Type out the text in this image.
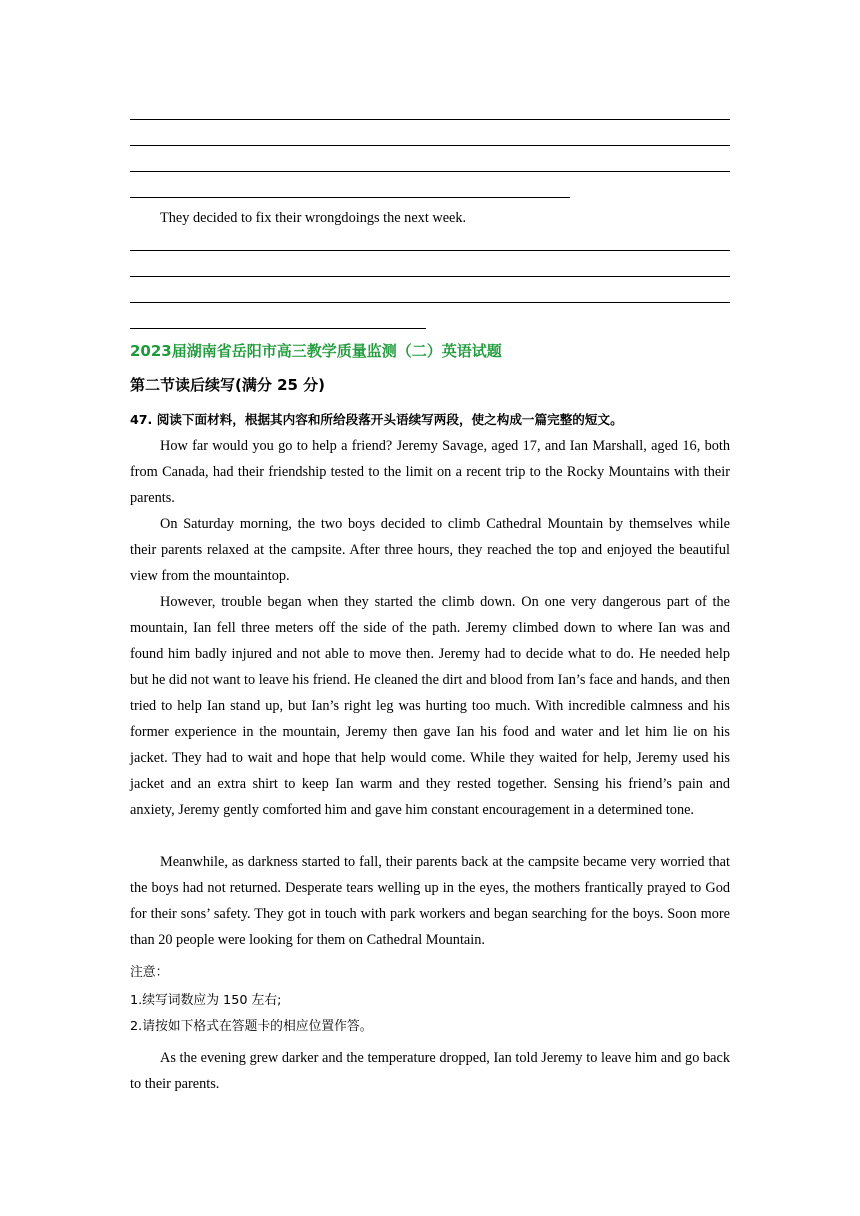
They decided to fix their wrongdoings the next week.

2023届湖南省岳阳市高三教学质量监测（二）英语试题
第二节读后续写(满分 25 分)
47. 阅读下面材料，根据其内容和所给段落开头语续写两段，使之构成一篇完整的短文。

How far would you go to help a friend? Jeremy Savage, aged 17, and Ian Marshall, aged 16, both from Canada, had their friendship tested to the limit on a recent trip to the Rocky Mountains with their parents.

On Saturday morning, the two boys decided to climb Cathedral Mountain by themselves while their parents relaxed at the campsite. After three hours, they reached the top and enjoyed the beautiful view from the mountaintop.

However, trouble began when they started the climb down. On one very dangerous part of the mountain, Ian fell three meters off the side of the path. Jeremy climbed down to where Ian was and found him badly injured and not able to move then. Jeremy had to decide what to do. He needed help but he did not want to leave his friend. He cleaned the dirt and blood from Ian’s face and hands, and then tried to help Ian stand up, but Ian’s right leg was hurting too much. With incredible calmness and his former experience in the mountain, Jeremy then gave Ian his food and water and let him lie on his jacket. They had to wait and hope that help would come. While they waited for help, Jeremy used his jacket and an extra shirt to keep Ian warm and they rested together. Sensing his friend’s pain and anxiety, Jeremy gently comforted him and gave him constant encouragement in a determined tone.

Meanwhile, as darkness started to fall, their parents back at the campsite became very worried that the boys had not returned. Desperate tears welling up in the eyes, the mothers frantically prayed to God for their sons’ safety. They got in touch with park workers and began searching for the boys. Soon more than 20 people were looking for them on Cathedral Mountain.

注意：
1.续写词数应为 150 左右;
2.请按如下格式在答题卡的相应位置作答。

As the evening grew darker and the temperature dropped, Ian told Jeremy to leave him and go back to their parents.
